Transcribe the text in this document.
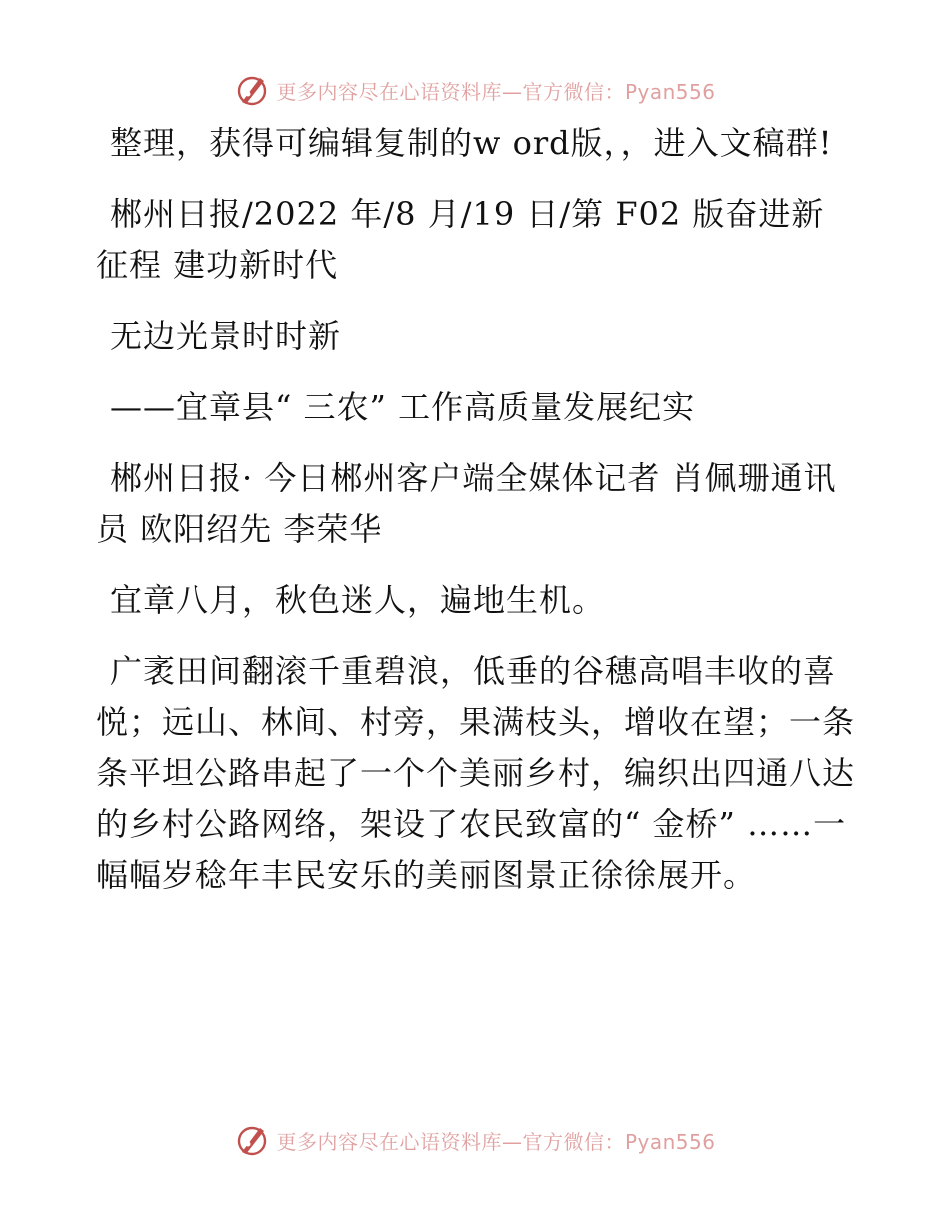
更多内容尽在心语资料库—官方微信：Pyan556

整理，获得可编辑复制的w ord版，，进入文稿群!

郴州日报/2022 年/8 月/19 日/第 F02 版奋进新征程 建功新时代

无边光景时时新

——宜章县“ 三农” 工作高质量发展纪实

郴州日报· 今日郴州客户端全媒体记者 肖佩珊通讯员 欧阳绍先 李荣华

宜章八月，秋色迷人，遍地生机。

广袤田间翻滚千重碧浪，低垂的谷穗高唱丰收的喜悦；远山、林间、村旁，果满枝头，增收在望；一条条平坦公路串起了一个个美丽乡村，编织出四通八达的乡村公路网络，架设了农民致富的“ 金桥” ……一幅幅岁稔年丰民安乐的美丽图景正徐徐展开。

更多内容尽在心语资料库—官方微信：Pyan556
